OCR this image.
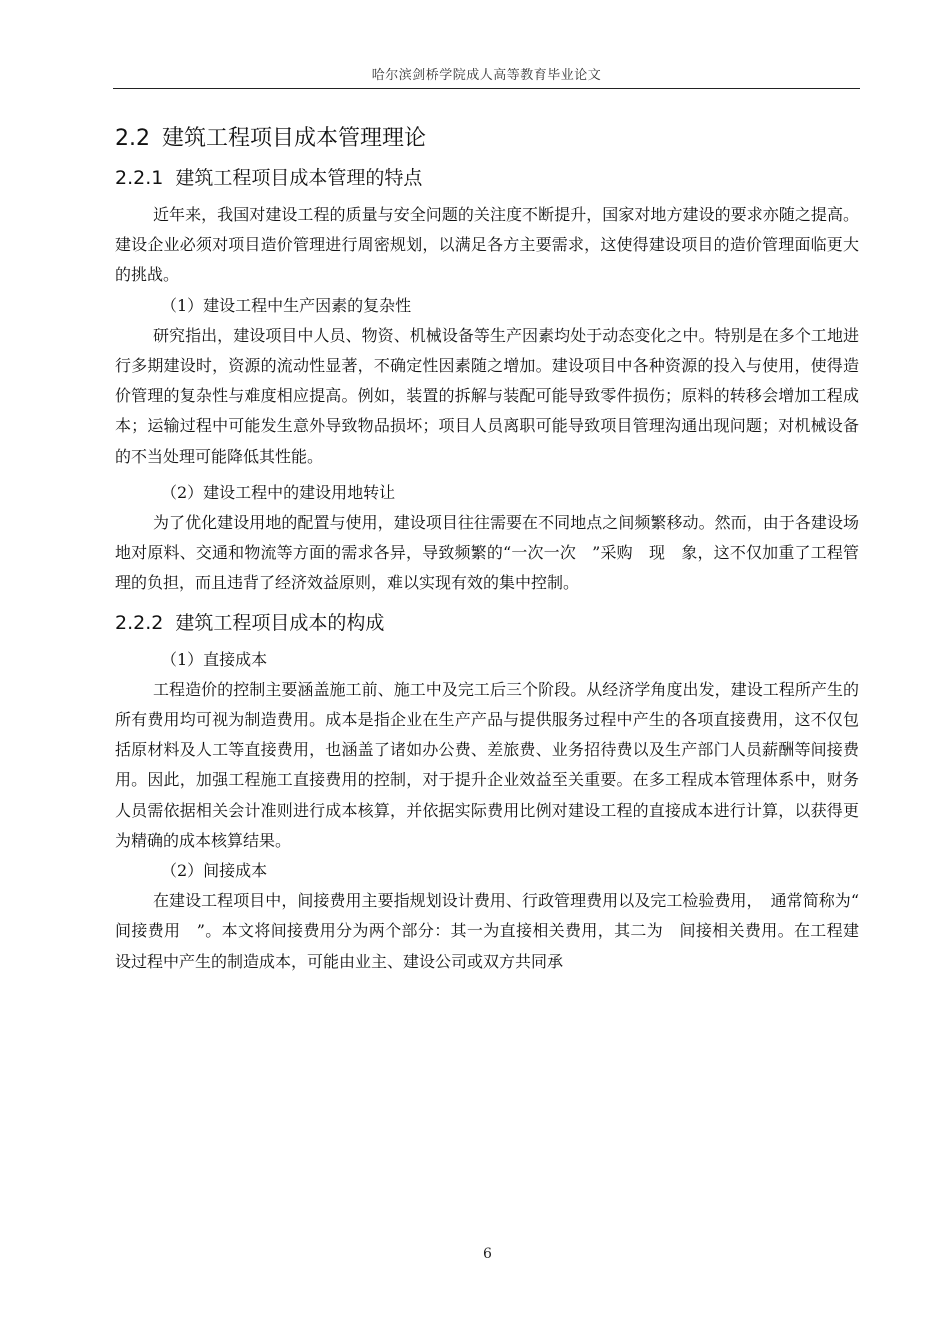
哈尔滨剑桥学院成人高等教育毕业论文
2.2 建筑工程项目成本管理理论
2.2.1 建筑工程项目成本管理的特点

近年来，我国对建设工程的质量与安全问题的关注度不断提升，国家对地方建设的要求亦随之提高。建设企业必须对项目造价管理进行周密规划，以满足各方主要需求，这使得建设项目的造价管理面临更大的挑战。

（1）建设工程中生产因素的复杂性

研究指出，建设项目中人员、物资、机械设备等生产因素均处于动态变化之中。特别是在多个工地进行多期建设时，资源的流动性显著，不确定性因素随之增加。建设项目中各种资源的投入与使用，使得造价管理的复杂性与难度相应提高。例如，装置的拆解与装配可能导致零件损伤；原料的转移会增加工程成本；运输过程中可能发生意外导致物品损坏；项目人员离职可能导致项目管理沟通出现问题；对机械设备的不当处理可能降低其性能。

（2）建设工程中的建设用地转让

为了优化建设用地的配置与使用，建设项目往往需要在不同地点之间频繁移动。然而，由于各建设场地对原料、交通和物流等方面的需求各异，导致频繁的“一次一次　”采购　现　象，这不仅加重了工程管理的负担，而且违背了经济效益原则，难以实现有效的集中控制。

2.2.2 建筑工程项目成本的构成

（1）直接成本

工程造价的控制主要涵盖施工前、施工中及完工后三个阶段。从经济学角度出发，建设工程所产生的所有费用均可视为制造费用。成本是指企业在生产产品与提供服务过程中产生的各项直接费用，这不仅包括原材料及人工等直接费用，也涵盖了诸如办公费、差旅费、业务招待费以及生产部门人员薪酬等间接费用。因此，加强工程施工直接费用的控制，对于提升企业效益至关重要。在多工程成本管理体系中，财务人员需依据相关会计准则进行成本核算，并依据实际费用比例对建设工程的直接成本进行计算，以获得更为精确的成本核算结果。

（2）间接成本

在建设工程项目中，间接费用主要指规划设计费用、行政管理费用以及完工检验费用，　通常简称为“　间接费用　”。本文将间接费用分为两个部分：其一为直接相关费用，其二为　间接相关费用。在工程建设过程中产生的制造成本，可能由业主、建设公司或双方共同承

6
